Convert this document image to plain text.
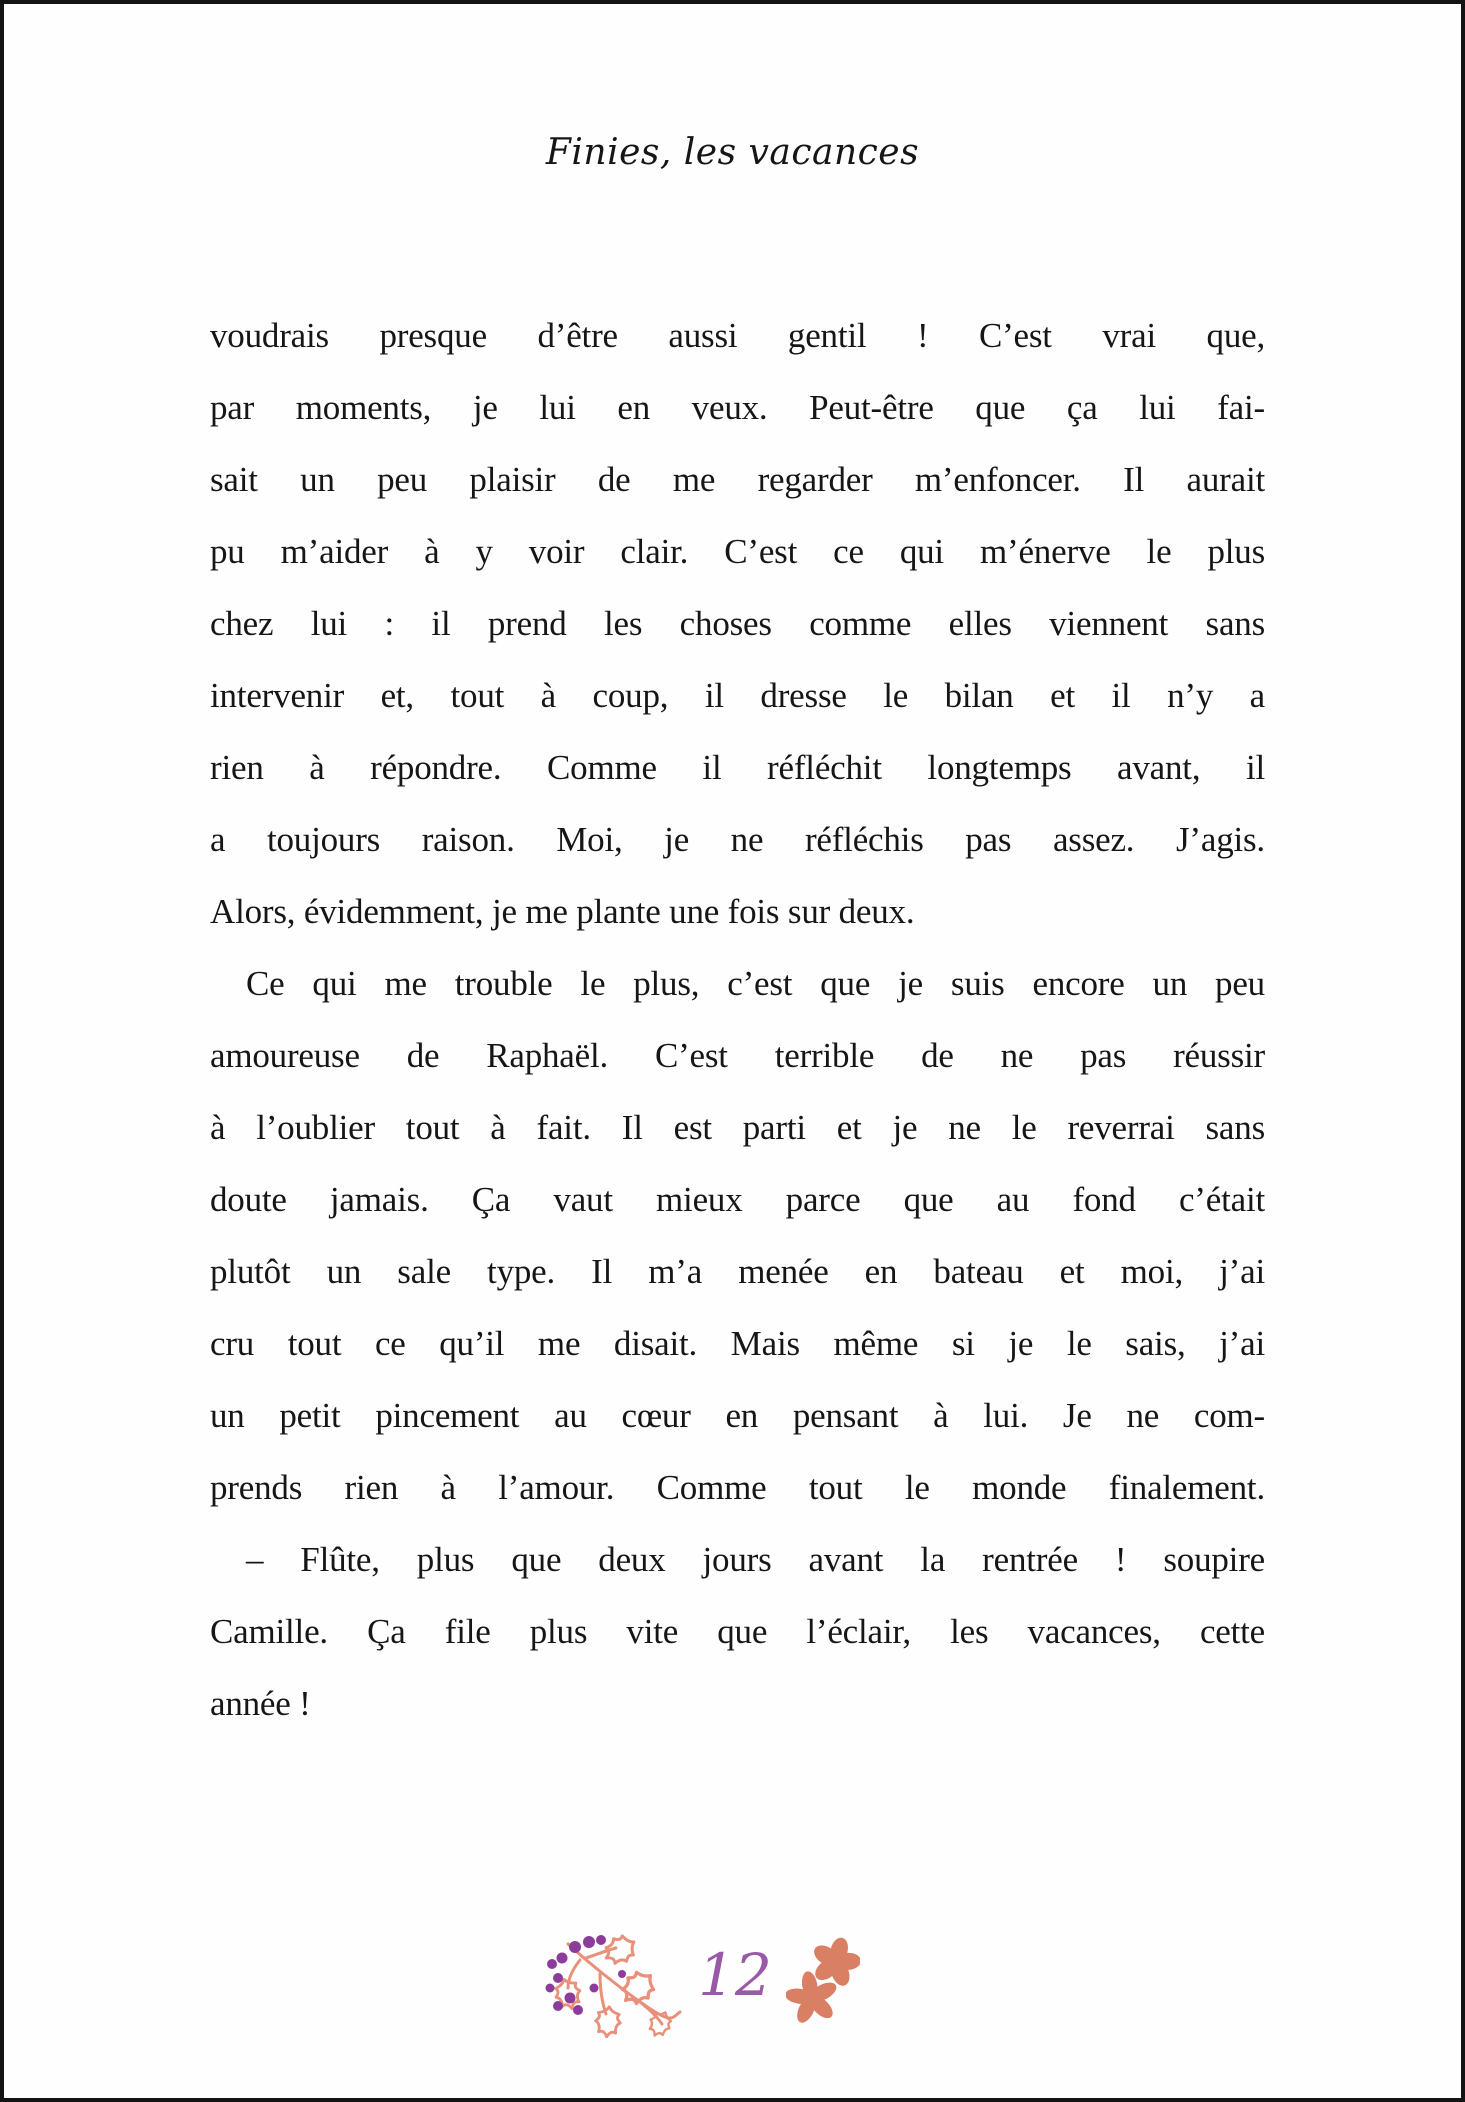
Finies, les vacances
voudrais presque d’être aussi gentil ! C’est vrai que,
par moments, je lui en veux. Peut-être que ça lui fai-
sait un peu plaisir de me regarder m’enfoncer. Il aurait
pu m’aider à y voir clair. C’est ce qui m’énerve le plus
chez lui : il prend les choses comme elles viennent sans
intervenir et, tout à coup, il dresse le bilan et il n’y a
rien à répondre. Comme il réfléchit longtemps avant, il
a toujours raison. Moi, je ne réfléchis pas assez. J’agis.
Alors, évidemment, je me plante une fois sur deux.
Ce qui me trouble le plus, c’est que je suis encore un peu
amoureuse de Raphaël. C’est terrible de ne pas réussir
à l’oublier tout à fait. Il est parti et je ne le reverrai sans
doute jamais. Ça vaut mieux parce que au fond c’était
plutôt un sale type. Il m’a menée en bateau et moi, j’ai
cru tout ce qu’il me disait. Mais même si je le sais, j’ai
un petit pincement au cœur en pensant à lui. Je ne com-
prends rien à l’amour. Comme tout le monde finalement.
– Flûte, plus que deux jours avant la rentrée ! soupire
Camille. Ça file plus vite que l’éclair, les vacances, cette
année !
12
